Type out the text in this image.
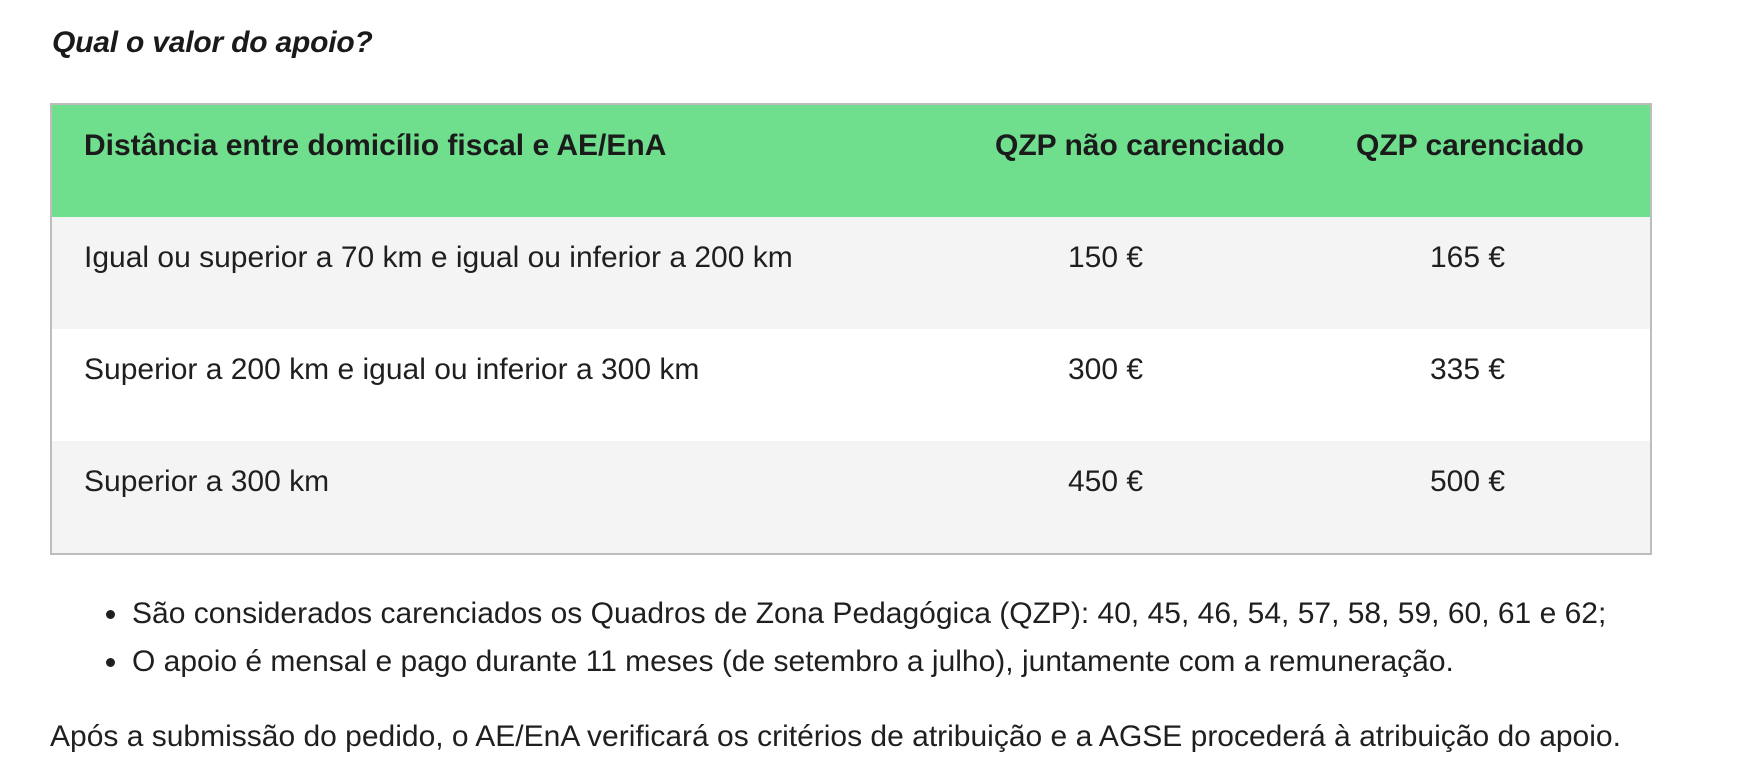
Qual o valor do apoio?
Distância entre domicílio fiscal e AE/EnA	QZP não carenciado	QZP carenciado
Igual ou superior a 70 km e igual ou inferior a 200 km	150 €	165 €
Superior a 200 km e igual ou inferior a 300 km	300 €	335 €
Superior a 300 km	450 €	500 €
• São considerados carenciados os Quadros de Zona Pedagógica (QZP): 40, 45, 46, 54, 57, 58, 59, 60, 61 e 62;
• O apoio é mensal e pago durante 11 meses (de setembro a julho), juntamente com a remuneração.

Após a submissão do pedido, o AE/EnA verificará os critérios de atribuição e a AGSE procederá à atribuição do apoio.
